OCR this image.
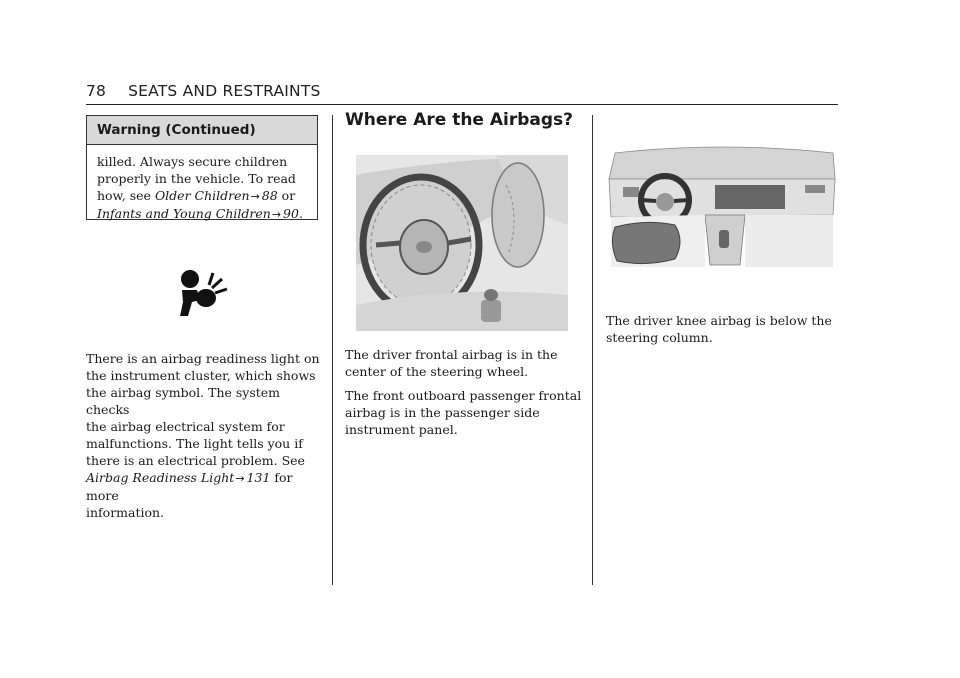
78 SEATS AND RESTRAINTS
Warning (Continued)
killed. Always secure children
properly in the vehicle. To read
how, see Older Children→ 88 or
Infants and Young Children→ 90.
There is an airbag readiness light on
the instrument cluster, which shows
the airbag symbol. The system checks
the airbag electrical system for
malfunctions. The light tells you if
there is an electrical problem. See
Airbag Readiness Light→ 131 for more
information.
Where Are the Airbags?

The driver frontal airbag is in the
center of the steering wheel.

The front outboard passenger frontal
airbag is in the passenger side
instrument panel.

The driver knee airbag is below the
steering column.
